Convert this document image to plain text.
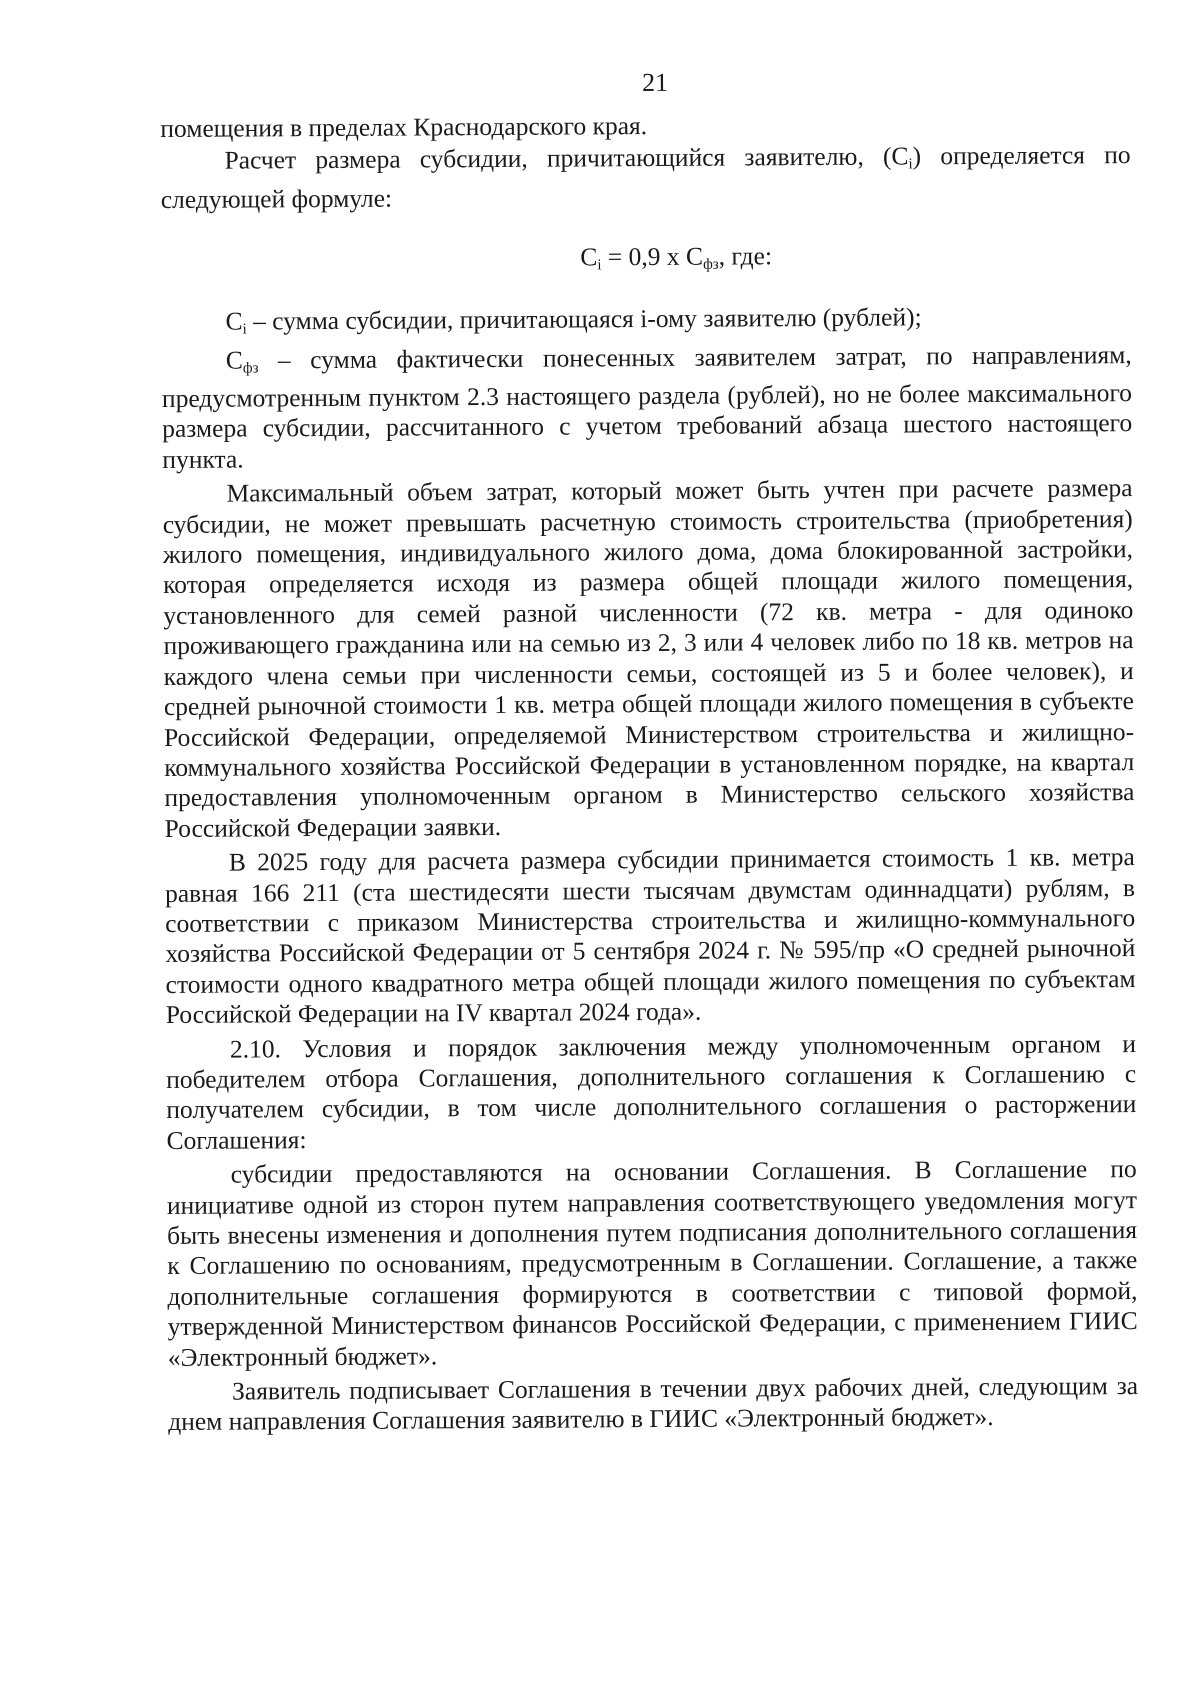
21

помещения в пределах Краснодарского края.

Расчет размера субсидии, причитающийся заявителю, $(C_i)$ определяется по следующей формуле:

$C_i = 0,9$ х $C_{фз}$, где:

$C_i$ – сумма субсидии, причитающаяся i-ому заявителю (рублей);

$C_{фз}$ – сумма фактически понесенных заявителем затрат, по направлениям, предусмотренным пунктом 2.3 настоящего раздела (рублей), но не более максимального размера субсидии, рассчитанного с учетом требований абзаца шестого настоящего пункта.

Максимальный объем затрат, который может быть учтен при расчете размера субсидии, не может превышать расчетную стоимость строительства (приобретения) жилого помещения, индивидуального жилого дома, дома блокированной застройки, которая определяется исходя из размера общей площади жилого помещения, установленного для семей разной численности (72 кв. метра - для одиноко проживающего гражданина или на семью из 2, 3 или 4 человек либо по 18 кв. метров на каждого члена семьи при численности семьи, состоящей из 5 и более человек), и средней рыночной стоимости 1 кв. метра общей площади жилого помещения в субъекте Российской Федерации, определяемой Министерством строительства и жилищно-коммунального хозяйства Российской Федерации в установленном порядке, на квартал предоставления уполномоченным органом в Министерство сельского хозяйства Российской Федерации заявки.

В 2025 году для расчета размера субсидии принимается стоимость 1 кв. метра равная 166 211 (ста шестидесяти шести тысячам двумстам одиннадцати) рублям, в соответствии с приказом Министерства строительства и жилищно-коммунального хозяйства Российской Федерации от 5 сентября 2024 г. № 595/пр «О средней рыночной стоимости одного квадратного метра общей площади жилого помещения по субъектам Российской Федерации на IV квартал 2024 года».

2.10. Условия и порядок заключения между уполномоченным органом и победителем отбора Соглашения, дополнительного соглашения к Соглашению с получателем субсидии, в том числе дополнительного соглашения о расторжении Соглашения:

субсидии предоставляются на основании Соглашения. В Соглашение по инициативе одной из сторон путем направления соответствующего уведомления могут быть внесены изменения и дополнения путем подписания дополнительного соглашения к Соглашению по основаниям, предусмотренным в Соглашении. Соглашение, а также дополнительные соглашения формируются в соответствии с типовой формой, утвержденной Министерством финансов Российской Федерации, с применением ГИИС «Электронный бюджет».

Заявитель подписывает Соглашения в течении двух рабочих дней, следующим за днем направления Соглашения заявителю в ГИИС «Электронный бюджет».
